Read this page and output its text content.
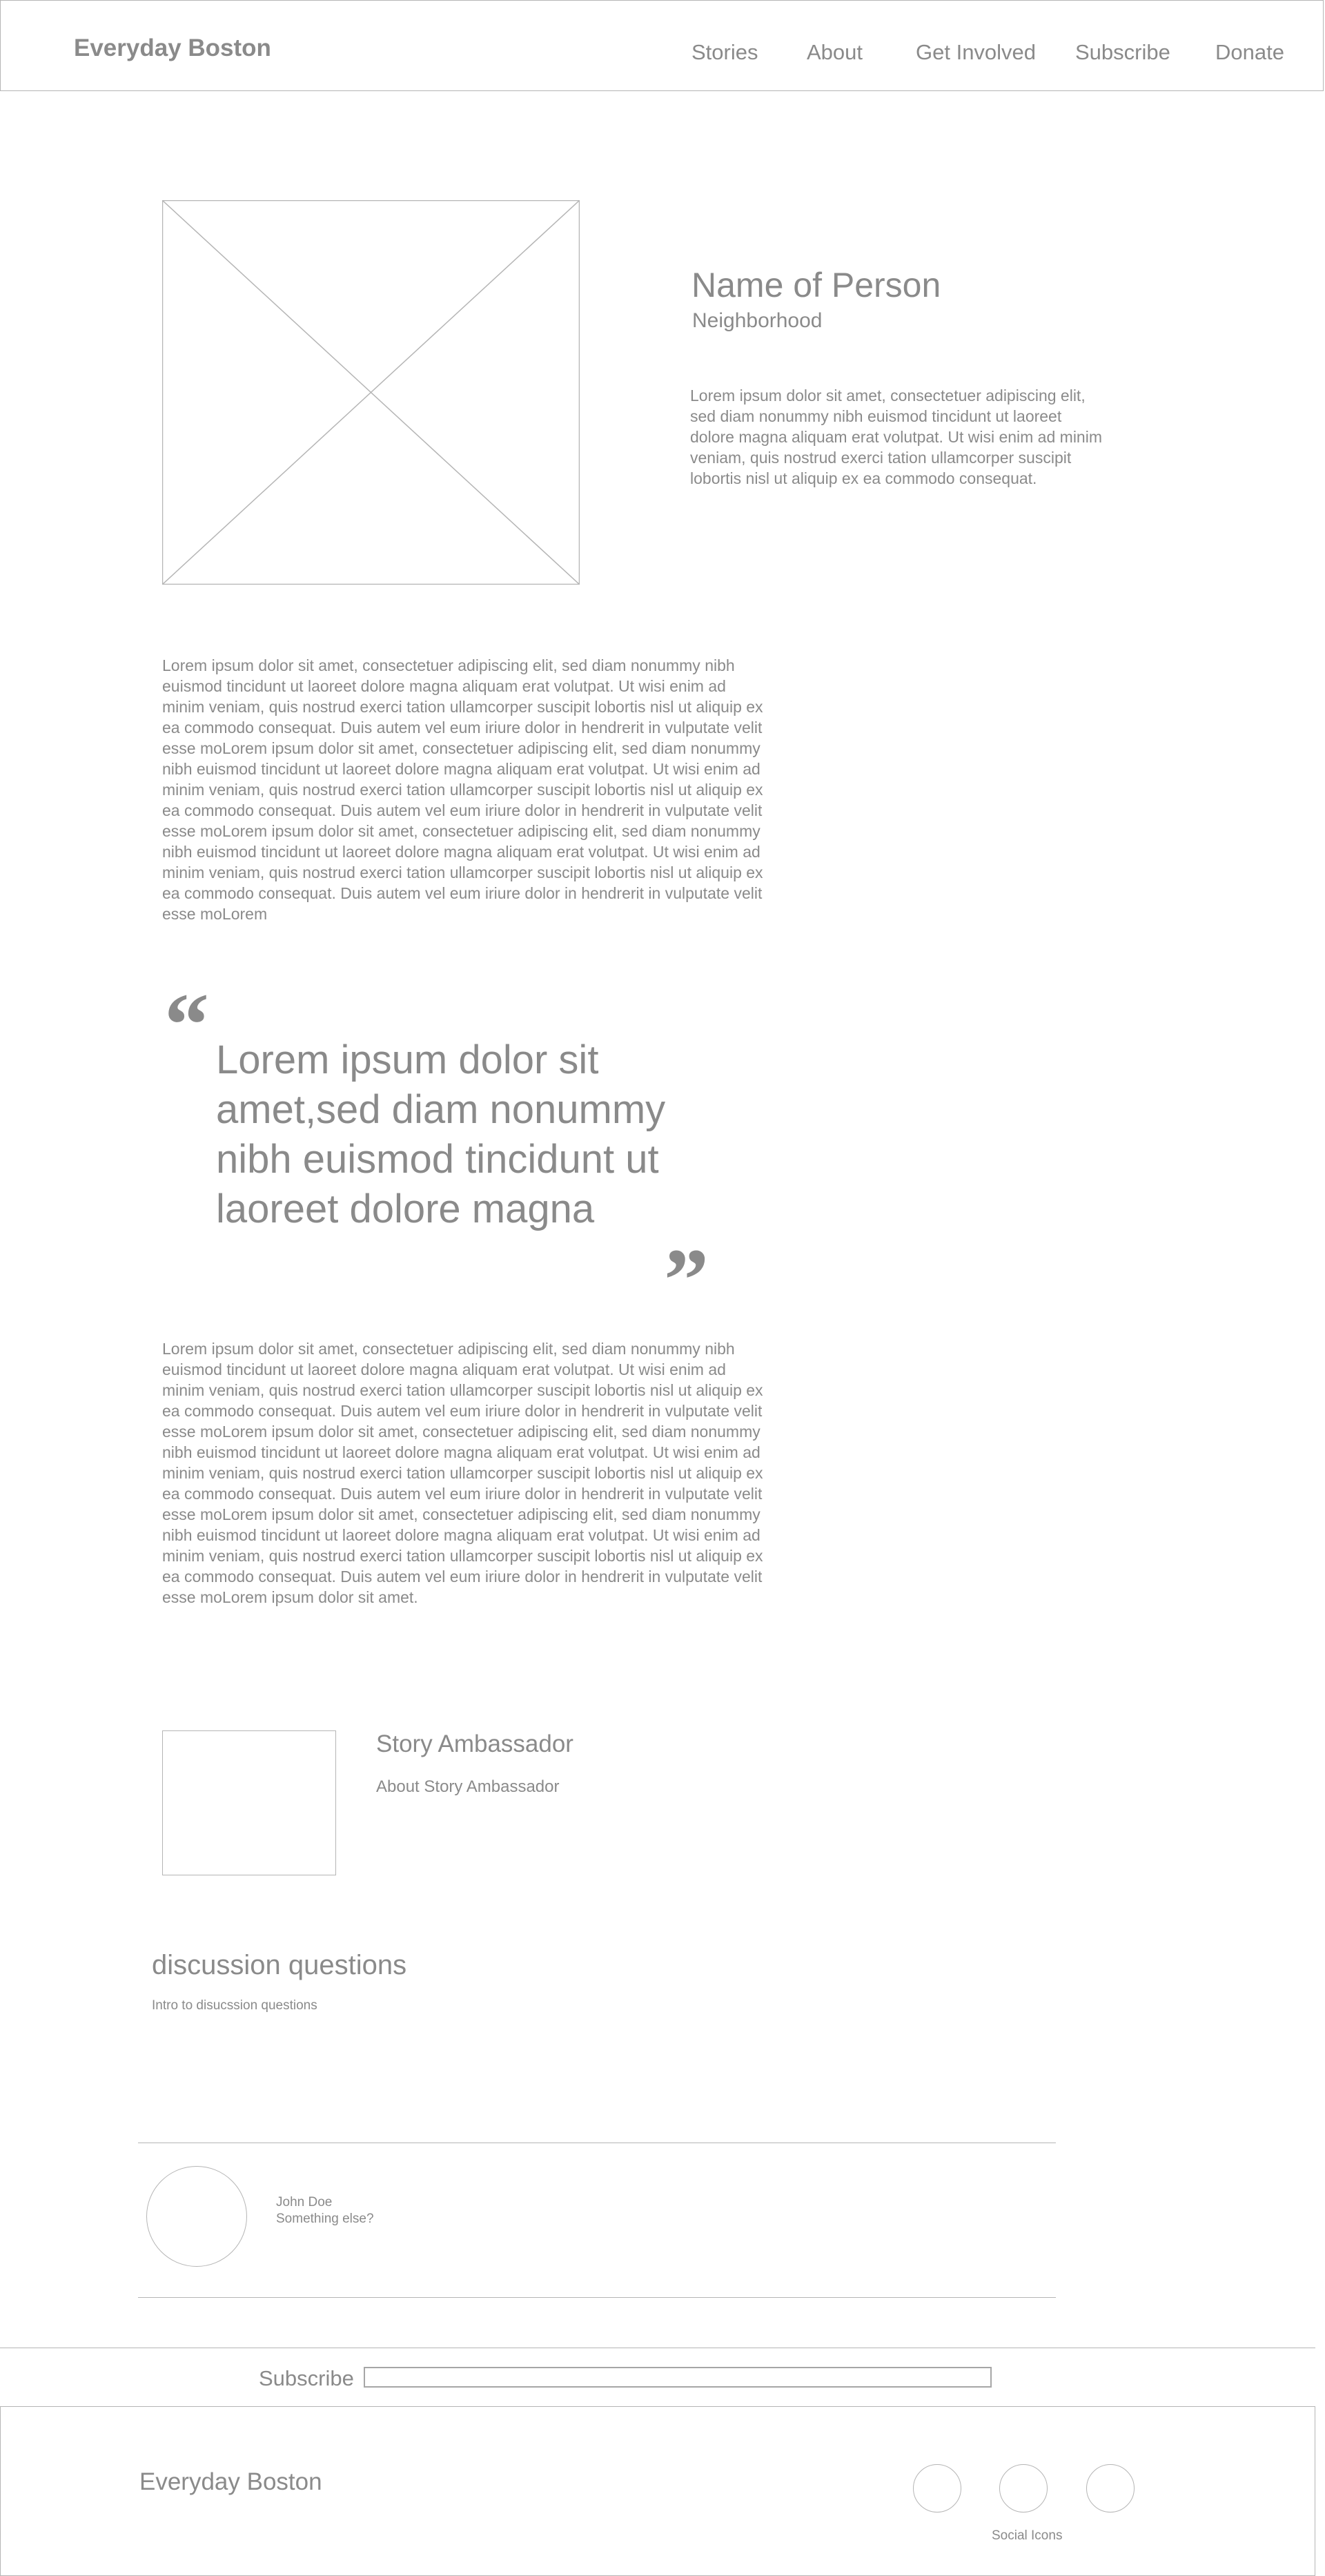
Everyday Boston	Stories About Get Involved Subscribe Donate
Name of Person
Neighborhood
Lorem ipsum dolor sit amet, consectetuer adipiscing elit, sed diam nonummy nibh euismod tincidunt ut laoreet dolore magna aliquam erat volutpat. Ut wisi enim ad minim veniam, quis nostrud exerci tation ullamcorper suscipit lobortis nisl ut aliquip ex ea commodo consequat.
Lorem ipsum dolor sit amet, consectetuer adipiscing elit, sed diam nonummy nibh euismod tincidunt ut laoreet dolore magna aliquam erat volutpat. Ut wisi enim ad minim veniam, quis nostrud exerci tation ullamcorper suscipit lobortis nisl ut aliquip ex ea commodo consequat. Duis autem vel eum iriure dolor in hendrerit in vulputate velit esse moLorem ipsum dolor sit amet, consectetuer adipiscing elit, sed diam nonummy nibh euismod tincidunt ut laoreet dolore magna aliquam erat volutpat. Ut wisi enim ad minim veniam, quis nostrud exerci tation ullamcorper suscipit lobortis nisl ut aliquip ex ea commodo consequat. Duis autem vel eum iriure dolor in hendrerit in vulputate velit esse moLorem ipsum dolor sit amet, consectetuer adipiscing elit, sed diam nonummy nibh euismod tincidunt ut laoreet dolore magna aliquam erat volutpat. Ut wisi enim ad minim veniam, quis nostrud exerci tation ullamcorper suscipit lobortis nisl ut aliquip ex ea commodo consequat. Duis autem vel eum iriure dolor in hendrerit in vulputate velit esse moLorem
“ Lorem ipsum dolor sit amet,sed diam nonummy nibh euismod tincidunt ut laoreet dolore magna
”
Lorem ipsum dolor sit amet, consectetuer adipiscing elit, sed diam nonummy nibh euismod tincidunt ut laoreet dolore magna aliquam erat volutpat. Ut wisi enim ad minim veniam, quis nostrud exerci tation ullamcorper suscipit lobortis nisl ut aliquip ex ea commodo consequat. Duis autem vel eum iriure dolor in hendrerit in vulputate velit esse moLorem ipsum dolor sit amet, consectetuer adipiscing elit, sed diam nonummy nibh euismod tincidunt ut laoreet dolore magna aliquam erat volutpat. Ut wisi enim ad minim veniam, quis nostrud exerci tation ullamcorper suscipit lobortis nisl ut aliquip ex ea commodo consequat. Duis autem vel eum iriure dolor in hendrerit in vulputate velit esse moLorem ipsum dolor sit amet, consectetuer adipiscing elit, sed diam nonummy nibh euismod tincidunt ut laoreet dolore magna aliquam erat volutpat. Ut wisi enim ad minim veniam, quis nostrud exerci tation ullamcorper suscipit lobortis nisl ut aliquip ex ea commodo consequat. Duis autem vel eum iriure dolor in hendrerit in vulputate velit esse moLorem ipsum dolor sit amet.
Story Ambassador
About Story Ambassador
discussion questions
Intro to disucssion questions
John Doe
Something else?
Subscribe
Everyday Boston
Social Icons
